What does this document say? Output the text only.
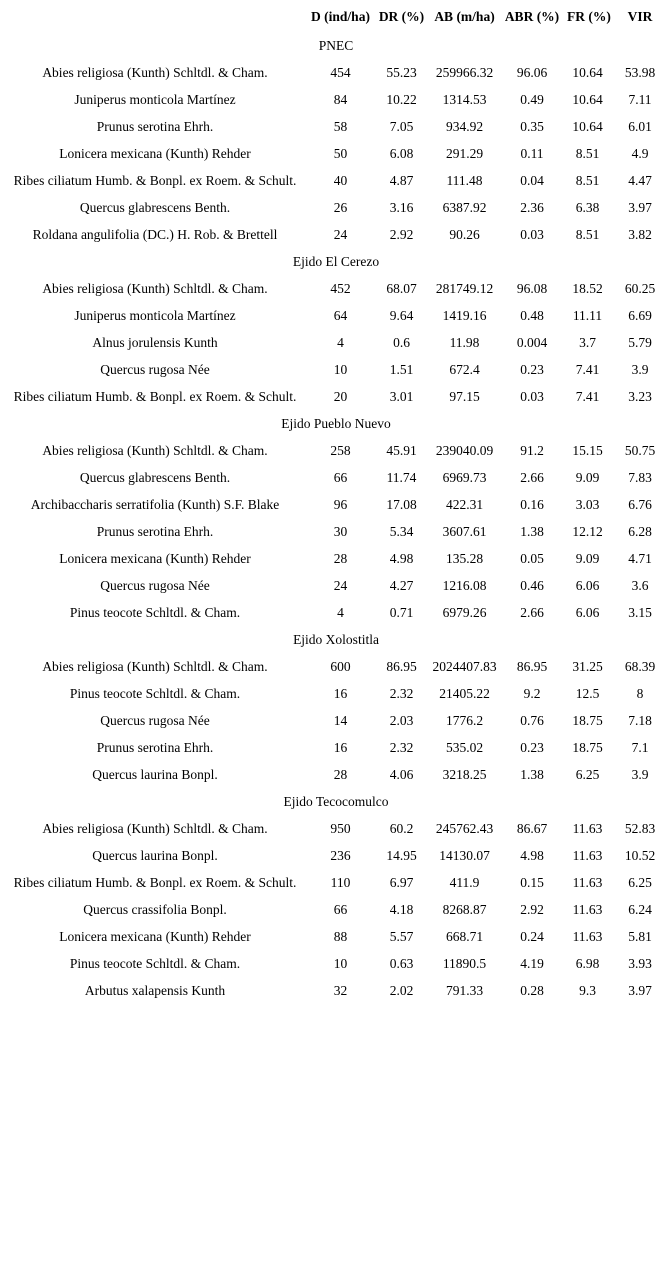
	D (ind/ha)	DR (%)	AB (m/ha)	ABR (%)	FR (%)	VIR
PNEC						
Abies religiosa (Kunth) Schltdl. & Cham.	454	55.23	259966.32	96.06	10.64	53.98
Juniperus monticola Martínez	84	10.22	1314.53	0.49	10.64	7.11
Prunus serotina Ehrh.	58	7.05	934.92	0.35	10.64	6.01
Lonicera mexicana (Kunth) Rehder	50	6.08	291.29	0.11	8.51	4.9
Ribes ciliatum Humb. & Bonpl. ex Roem. & Schult.	40	4.87	111.48	0.04	8.51	4.47
Quercus glabrescens Benth.	26	3.16	6387.92	2.36	6.38	3.97
Roldana angulifolia (DC.) H. Rob. & Brettell	24	2.92	90.26	0.03	8.51	3.82
Ejido El Cerezo						
Abies religiosa (Kunth) Schltdl. & Cham.	452	68.07	281749.12	96.08	18.52	60.25
Juniperus monticola Martínez	64	9.64	1419.16	0.48	11.11	6.69
Alnus jorulensis Kunth	4	0.6	11.98	0.004	3.7	5.79
Quercus rugosa Née	10	1.51	672.4	0.23	7.41	3.9
Ribes ciliatum Humb. & Bonpl. ex Roem. & Schult.	20	3.01	97.15	0.03	7.41	3.23
Ejido Pueblo Nuevo						
Abies religiosa (Kunth) Schltdl. & Cham.	258	45.91	239040.09	91.2	15.15	50.75
Quercus glabrescens Benth.	66	11.74	6969.73	2.66	9.09	7.83
Archibaccharis serratifolia (Kunth) S.F. Blake	96	17.08	422.31	0.16	3.03	6.76
Prunus serotina Ehrh.	30	5.34	3607.61	1.38	12.12	6.28
Lonicera mexicana (Kunth) Rehder	28	4.98	135.28	0.05	9.09	4.71
Quercus rugosa Née	24	4.27	1216.08	0.46	6.06	3.6
Pinus teocote Schltdl. & Cham.	4	0.71	6979.26	2.66	6.06	3.15
Ejido Xolostitla						
Abies religiosa (Kunth) Schltdl. & Cham.	600	86.95	2024407.83	86.95	31.25	68.39
Pinus teocote Schltdl. & Cham.	16	2.32	21405.22	9.2	12.5	8
Quercus rugosa Née	14	2.03	1776.2	0.76	18.75	7.18
Prunus serotina Ehrh.	16	2.32	535.02	0.23	18.75	7.1
Quercus laurina Bonpl.	28	4.06	3218.25	1.38	6.25	3.9
Ejido Tecocomulco						
Abies religiosa (Kunth) Schltdl. & Cham.	950	60.2	245762.43	86.67	11.63	52.83
Quercus laurina Bonpl.	236	14.95	14130.07	4.98	11.63	10.52
Ribes ciliatum Humb. & Bonpl. ex Roem. & Schult.	110	6.97	411.9	0.15	11.63	6.25
Quercus crassifolia Bonpl.	66	4.18	8268.87	2.92	11.63	6.24
Lonicera mexicana (Kunth) Rehder	88	5.57	668.71	0.24	11.63	5.81
Pinus teocote Schltdl. & Cham.	10	0.63	11890.5	4.19	6.98	3.93
Arbutus xalapensis Kunth	32	2.02	791.33	0.28	9.3	3.97
